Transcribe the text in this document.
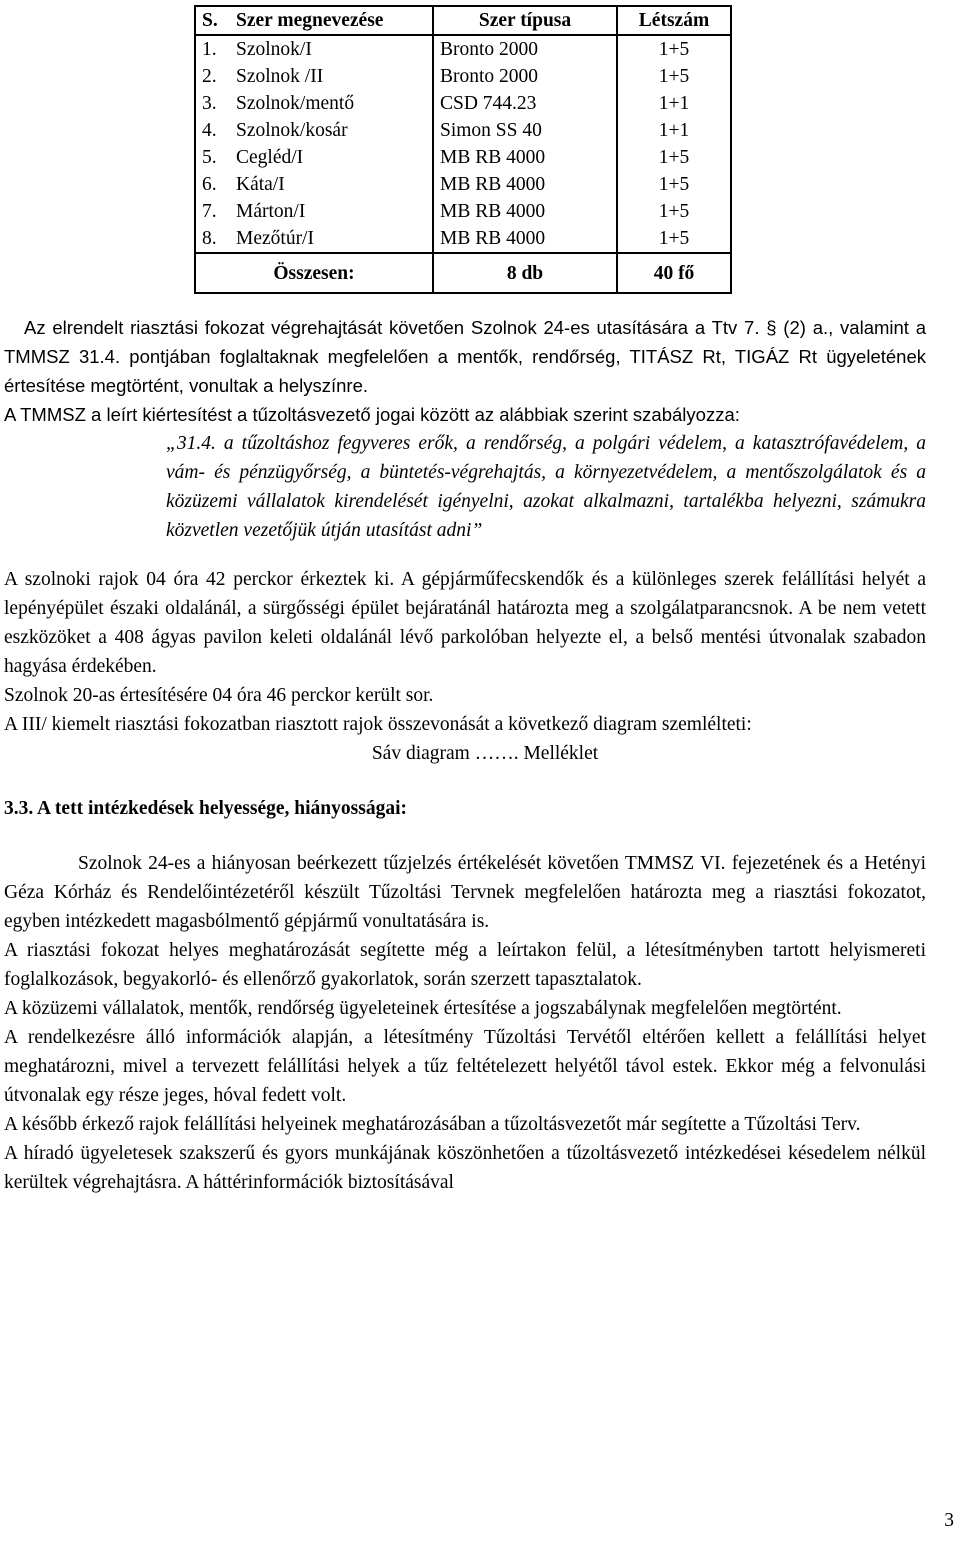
S. Szer megnevezése	Szer típusa	Létszám
1. Szolnok/I	Bronto 2000	1+5
2. Szolnok /II	Bronto 2000	1+5
3. Szolnok/mentő	CSD 744.23	1+1
4. Szolnok/kosár	Simon SS 40	1+1
5. Cegléd/I	MB RB 4000	1+5
6. Káta/I	MB RB 4000	1+5
7. Márton/I	MB RB 4000	1+5
8. Mezőtúr/I	MB RB 4000	1+5
Összesen:	8 db	40 fő

Az elrendelt riasztási fokozat végrehajtását követően Szolnok 24-es utasítására a Ttv 7. § (2) a., valamint a TMMSZ 31.4. pontjában foglaltaknak megfelelően a mentők, rendőrség, TITÁSZ Rt, TIGÁZ Rt ügyeletének értesítése megtörtént, vonultak a helyszínre.

A TMMSZ a leírt kiértesítést a tűzoltásvezető jogai között az alábbiak szerint szabályozza:

„31.4. a tűzoltáshoz fegyveres erők, a rendőrség, a polgári védelem, a katasztrófavédelem, a vám- és pénzügyőrség, a büntetés-végrehajtás, a környezetvédelem, a mentőszolgálatok és a közüzemi vállalatok kirendelését igényelni, azokat alkalmazni, tartalékba helyezni, számukra közvetlen vezetőjük útján utasítást adni”

A szolnoki rajok 04 óra 42 perckor érkeztek ki. A gépjárműfecskendők és a különleges szerek felállítási helyét a lepényépület északi oldalánál, a sürgősségi épület bejáratánál határozta meg a szolgálatparancsnok. A be nem vetett eszközöket a 408 ágyas pavilon keleti oldalánál lévő parkolóban helyezte el, a belső mentési útvonalak szabadon hagyása érdekében.

Szolnok 20-as értesítésére 04 óra 46 perckor került sor.

A III/ kiemelt riasztási fokozatban riasztott rajok összevonását a következő diagram szemlélteti:

Sáv diagram ……. Melléklet

3.3. A tett intézkedések helyessége, hiányosságai:

Szolnok 24-es a hiányosan beérkezett tűzjelzés értékelését követően TMMSZ VI. fejezetének és a Hetényi Géza Kórház és Rendelőintézetéről készült Tűzoltási Tervnek megfelelően határozta meg a riasztási fokozatot, egyben intézkedett magasbólmentő gépjármű vonultatására is.

A riasztási fokozat helyes meghatározását segítette még a leírtakon felül, a létesítményben tartott helyismereti foglalkozások, begyakorló- és ellenőrző gyakorlatok, során szerzett tapasztalatok.

A közüzemi vállalatok, mentők, rendőrség ügyeleteinek értesítése a jogszabálynak megfelelően megtörtént.

A rendelkezésre álló információk alapján, a létesítmény Tűzoltási Tervétől eltérően kellett a felállítási helyet meghatározni, mivel a tervezett felállítási helyek a tűz feltételezett helyétől távol estek. Ekkor még a felvonulási útvonalak egy része jeges, hóval fedett volt.

A később érkező rajok felállítási helyeinek meghatározásában a tűzoltásvezetőt már segítette a Tűzoltási Terv.

A híradó ügyeletesek szakszerű és gyors munkájának köszönhetően a tűzoltásvezető intézkedései késedelem nélkül kerültek végrehajtásra. A háttérinformációk biztosításával

3
